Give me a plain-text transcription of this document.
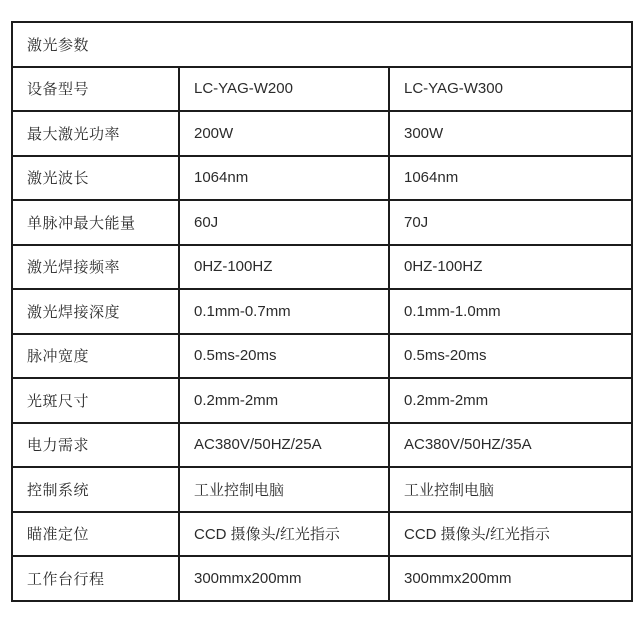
激光参数		
设备型号	LC-YAG-W200	LC-YAG-W300
最大激光功率	200W	300W
激光波长	1064nm	1064nm
单脉冲最大能量	60J	70J
激光焊接频率	0HZ-100HZ	0HZ-100HZ
激光焊接深度	0.1mm-0.7mm	0.1mm-1.0mm
脉冲宽度	0.5ms-20ms	0.5ms-20ms
光斑尺寸	0.2mm-2mm	0.2mm-2mm
电力需求	AC380V/50HZ/25A	AC380V/50HZ/35A
控制系统	工业控制电脑	工业控制电脑
瞄准定位	CCD 摄像头/红光指示	CCD 摄像头/红光指示
工作台行程	300mmx200mm	300mmx200mm
